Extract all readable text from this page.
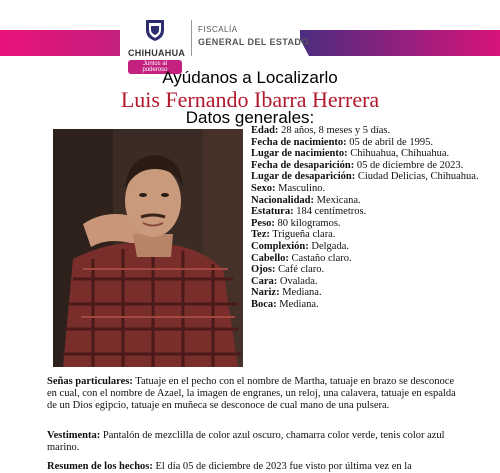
CHIHUAHUA
Juntos al poderoso
FISCALÍA
GENERAL DEL ESTADO
Ayúdanos a Localizarlo
Luis Fernando Ibarra Herrera
Datos generales:
Edad: 28 años, 8 meses y 5 días.
Fecha de nacimiento: 05 de abril de 1995.
Lugar de nacimiento: Chihuahua, Chihuahua.
Fecha de desaparición: 05 de diciembre de 2023.
Lugar de desaparición: Ciudad Delicias, Chihuahua.
Sexo: Masculino.
Nacionalidad: Mexicana.
Estatura: 184 centímetros.
Peso: 80 kilogramos.
Tez: Trigueña clara.
Complexión: Delgada.
Cabello: Castaño claro.
Ojos: Café claro.
Cara: Ovalada.
Nariz: Mediana.
Boca: Mediana.
Señas particulares: Tatuaje en el pecho con el nombre de Martha, tatuaje en brazo se desconoce en cual, con el nombre de Azael, la imagen de engranes, un reloj, una calavera, tatuaje en espalda de un Dios egipcio, tatuaje en muñeca se desconoce de cual mano de una pulsera.
Vestimenta: Pantalón de mezclilla de color azul oscuro, chamarra color verde, tenis color azul marino.
Resumen de los hechos: El día 05 de diciembre de 2023 fue visto por última vez en la
